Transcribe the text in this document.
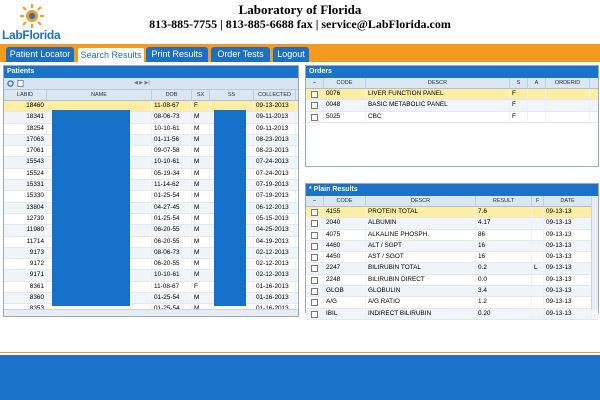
LabFlorida
Laboratory of Florida
813-885-7755 | 813-885-6688 fax | service@LabFlorida.com
Patient Locator	Search Results	Print Results	Order Tests	Logout
Patients
◀ ▶ ▶|
LABID	NAME	DOB	SX	SS	COLLECTED
18460	11-08-67	F	09-13-2013
18341	08-06-73	M	09-11-2013
18254	10-10-61	M	09-11-2013
17063	01-11-56	M	08-23-2013
17061	09-07-58	M	08-23-2013
15543	10-10-61	M	07-24-2013
15524	05-19-34	M	07-24-2013
15331	11-14-62	M	07-19-2013
15330	01-25-54	M	07-19-2013
13804	04-27-45	M	06-12-2013
12739	01-25-54	M	05-15-2013
11980	06-20-55	M	04-25-2013
11714	06-20-55	M	04-19-2013
9173	08-06-73	M	02-12-2013
9172	06-20-55	M	02-12-2013
9171	10-10-61	M	02-12-2013
8361	11-08-67	F	01-16-2013
8360	01-25-54	M	01-16-2013
Orders
⎯	CODE	DESCR	S	A	ORDERID
0076	LIVER FUNCTION PANEL	F
0048	BASIC METABOLIC PANEL	F
5025	CBC	F
* Plain Results
⎯	CODE	DESCR	RESULT	F	DATE
4155	PROTEIN TOTAL	7.6	09-13-13
2040	ALBUMIN	4.17	09-13-13
4075	ALKALINE PHOSPH.	86	09-13-13
4460	ALT / SGPT	16	09-13-13
4450	AST / SGOT	16	09-13-13
2247	BILIRUBIN TOTAL	0.2	L	09-13-13
2248	BILIRUBIN DIRECT	0.0	09-13-13
GLOB	GLOBULIN	3.4	09-13-13
A/G	A/G RATIO	1.2	09-13-13
IBIL	INDIRECT BILIRUBIN	0.20	09-13-13
